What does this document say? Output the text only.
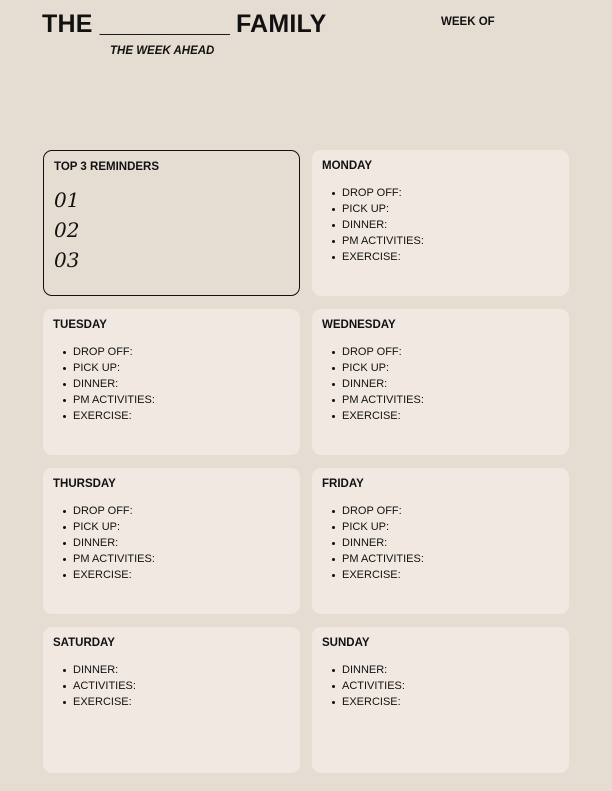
THE __________ FAMILY
THE WEEK AHEAD
WEEK OF
TOP 3 REMINDERS
01
02
03
MONDAY
DROP OFF:
PICK UP:
DINNER:
PM ACTIVITIES:
EXERCISE:
TUESDAY
DROP OFF:
PICK UP:
DINNER:
PM ACTIVITIES:
EXERCISE:
WEDNESDAY
DROP OFF:
PICK UP:
DINNER:
PM ACTIVITIES:
EXERCISE:
THURSDAY
DROP OFF:
PICK UP:
DINNER:
PM ACTIVITIES:
EXERCISE:
FRIDAY
DROP OFF:
PICK UP:
DINNER:
PM ACTIVITIES:
EXERCISE:
SATURDAY
DINNER:
ACTIVITIES:
EXERCISE:
SUNDAY
DINNER:
ACTIVITIES:
EXERCISE:
